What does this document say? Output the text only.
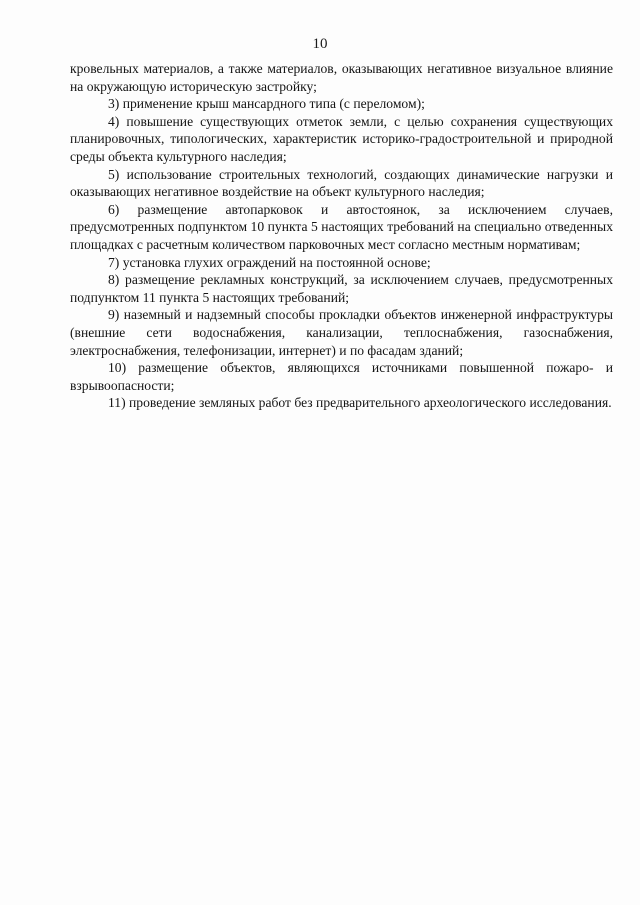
10

кровельных материалов, а также материалов, оказывающих негативное визуальное влияние на окружающую историческую застройку;

3) применение крыш мансардного типа (с переломом);

4) повышение существующих отметок земли, с целью сохранения существующих планировочных, типологических, характеристик историко-градостроительной и природной среды объекта культурного наследия;

5) использование строительных технологий, создающих динамические нагрузки и оказывающих негативное воздействие на объект культурного наследия;

6) размещение автопарковок и автостоянок, за исключением случаев, предусмотренных подпунктом 10 пункта 5 настоящих требований на специально отведенных площадках с расчетным количеством парковочных мест согласно местным нормативам;

7) установка глухих ограждений на постоянной основе;

8) размещение рекламных конструкций, за исключением случаев, предусмотренных подпунктом 11 пункта 5 настоящих требований;

9) наземный и надземный способы прокладки объектов инженерной инфраструктуры (внешние сети водоснабжения, канализации, теплоснабжения, газоснабжения, электроснабжения, телефонизации, интернет) и по фасадам зданий;

10) размещение объектов, являющихся источниками повышенной пожаро- и взрывоопасности;

11) проведение земляных работ без предварительного археологического исследования.
